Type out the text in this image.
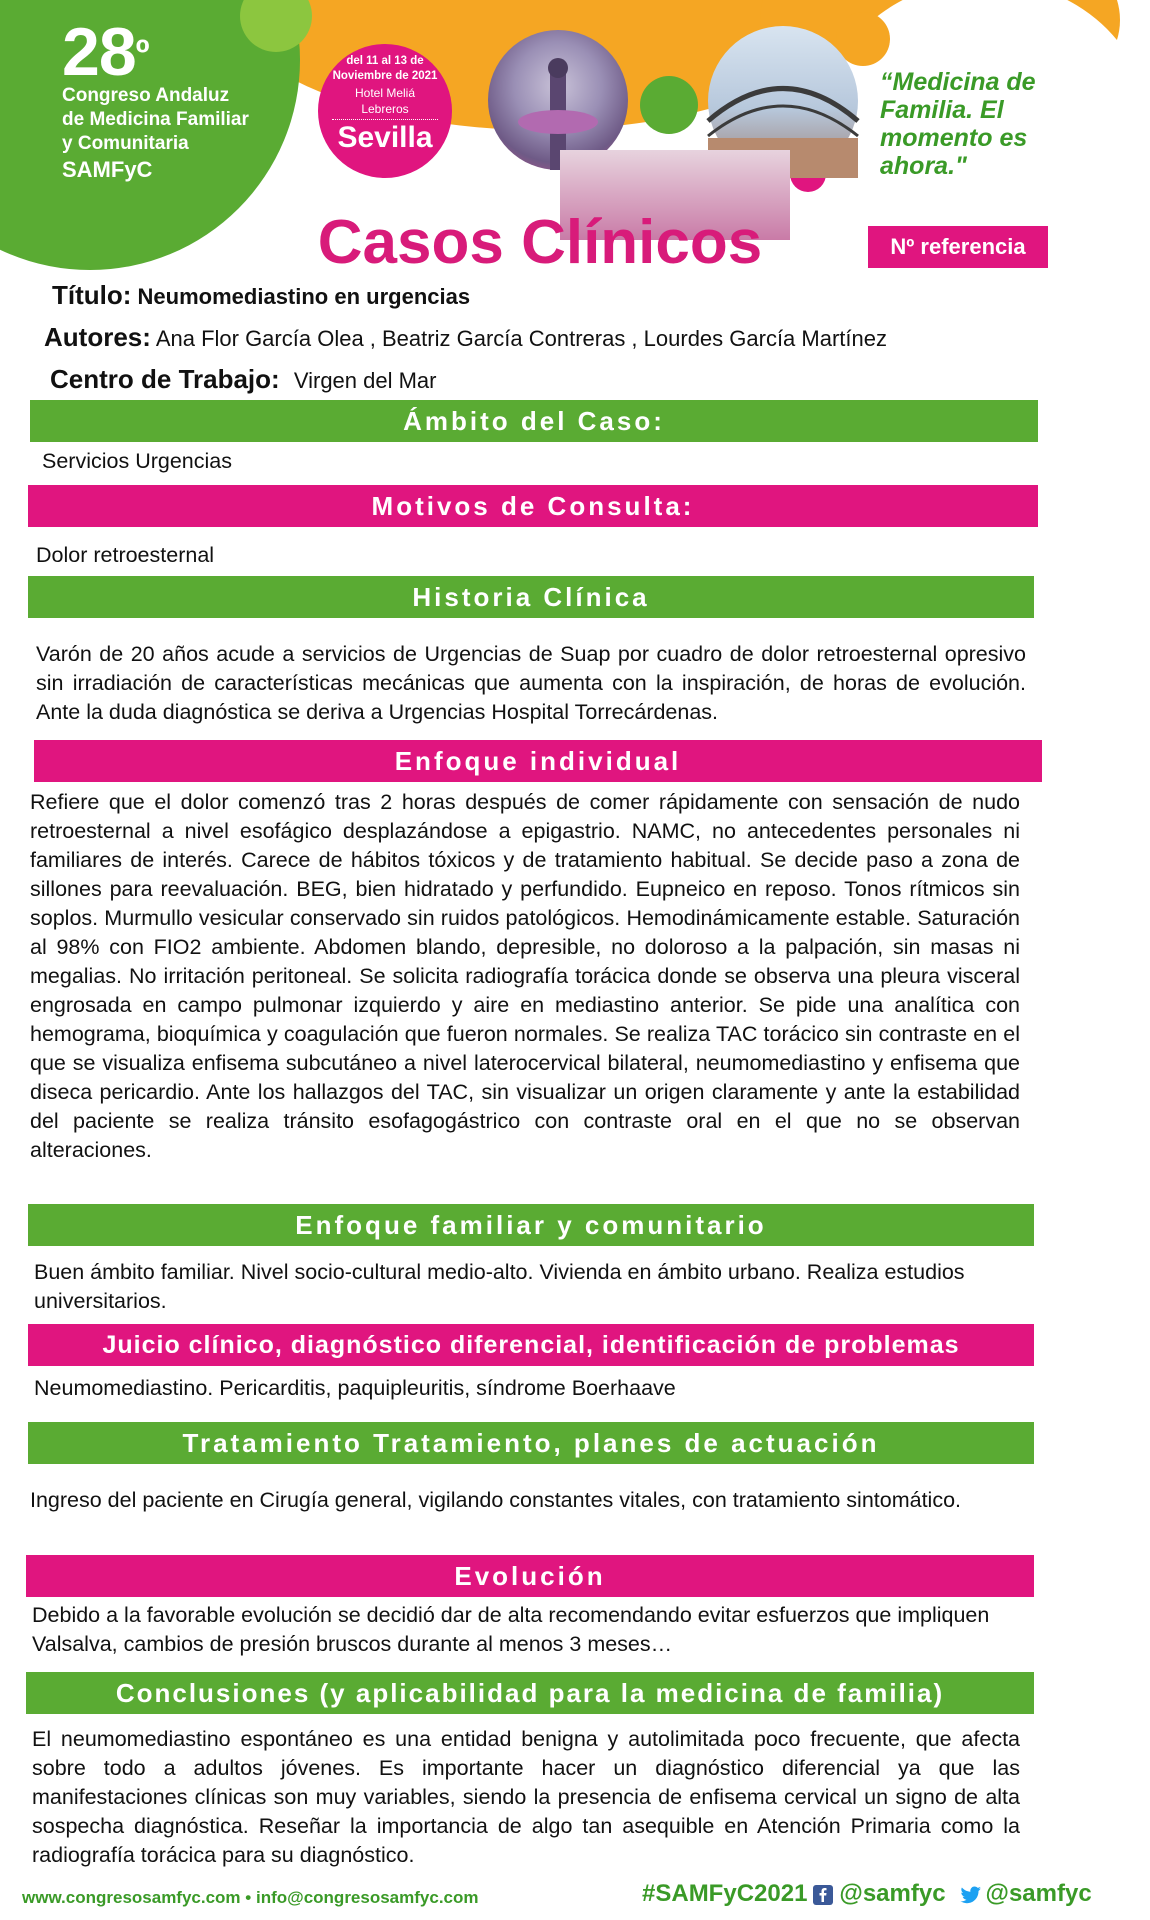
$28^º$
Congreso Andaluz
de Medicina Familiar
y Comunitaria
SAMFyC
del 11 al 13 de
Noviembre de 2021
Hotel Meliá Lebreros
Sevilla
“Medicina de Familia. El momento es ahora."
Casos Clínicos	Nº referencia
Título: Neumomediastino en urgencias
Autores: Ana Flor García Olea , Beatriz García Contreras , Lourdes García Martínez
Centro de Trabajo: Virgen del Mar
Ámbito del Caso:
Servicios Urgencias
Motivos de Consulta:
Dolor retroesternal
Historia Clínica
Varón de 20 años acude a servicios de Urgencias de Suap por cuadro de dolor retroesternal opresivo sin irradiación de características mecánicas que aumenta con la inspiración, de horas de evolución. Ante la duda diagnóstica se deriva a Urgencias Hospital Torrecárdenas.
Enfoque individual
Refiere que el dolor comenzó tras 2 horas después de comer rápidamente con sensación de nudo retroesternal a nivel esofágico desplazándose a epigastrio. NAMC, no antecedentes personales ni familiares de interés. Carece de hábitos tóxicos y de tratamiento habitual. Se decide paso a zona de sillones para reevaluación. BEG, bien hidratado y perfundido. Eupneico en reposo. Tonos rítmicos sin soplos. Murmullo vesicular conservado sin ruidos patológicos. Hemodinámicamente estable. Saturación al 98% con FIO2 ambiente. Abdomen blando, depresible, no doloroso a la palpación, sin masas ni megalias. No irritación peritoneal. Se solicita radiografía torácica donde se observa una pleura visceral engrosada en campo pulmonar izquierdo y aire en mediastino anterior. Se pide una analítica con hemograma, bioquímica y coagulación que fueron normales. Se realiza TAC torácico sin contraste en el que se visualiza enfisema subcutáneo a nivel laterocervical bilateral, neumomediastino y enfisema que diseca pericardio. Ante los hallazgos del TAC, sin visualizar un origen claramente y ante la estabilidad del paciente se realiza tránsito esofagogástrico con contraste oral en el que no se observan alteraciones.
Enfoque familiar y comunitario
Buen ámbito familiar. Nivel socio-cultural medio-alto. Vivienda en ámbito urbano. Realiza estudios universitarios.
Juicio clínico, diagnóstico diferencial, identificación de problemas
Neumomediastino. Pericarditis, paquipleuritis, síndrome Boerhaave
Tratamiento Tratamiento, planes de actuación
Ingreso del paciente en Cirugía general, vigilando constantes vitales, con tratamiento sintomático.
Evolución
Debido a la favorable evolución se decidió dar de alta recomendando evitar esfuerzos que impliquen Valsalva, cambios de presión bruscos durante al menos 3 meses…
Conclusiones (y aplicabilidad para la medicina de familia)
El neumomediastino espontáneo es una entidad benigna y autolimitada poco frecuente, que afecta sobre todo a adultos jóvenes. Es importante hacer un diagnóstico diferencial ya que las manifestaciones clínicas son muy variables, siendo la presencia de enfisema cervical un signo de alta sospecha diagnóstica. Reseñar la importancia de algo tan asequible en Atención Primaria como la radiografía torácica para su diagnóstico.
www.congresosamfyc.com • info@congresosamfyc.com	#SAMFyC2021 @samfyc @samfyc
